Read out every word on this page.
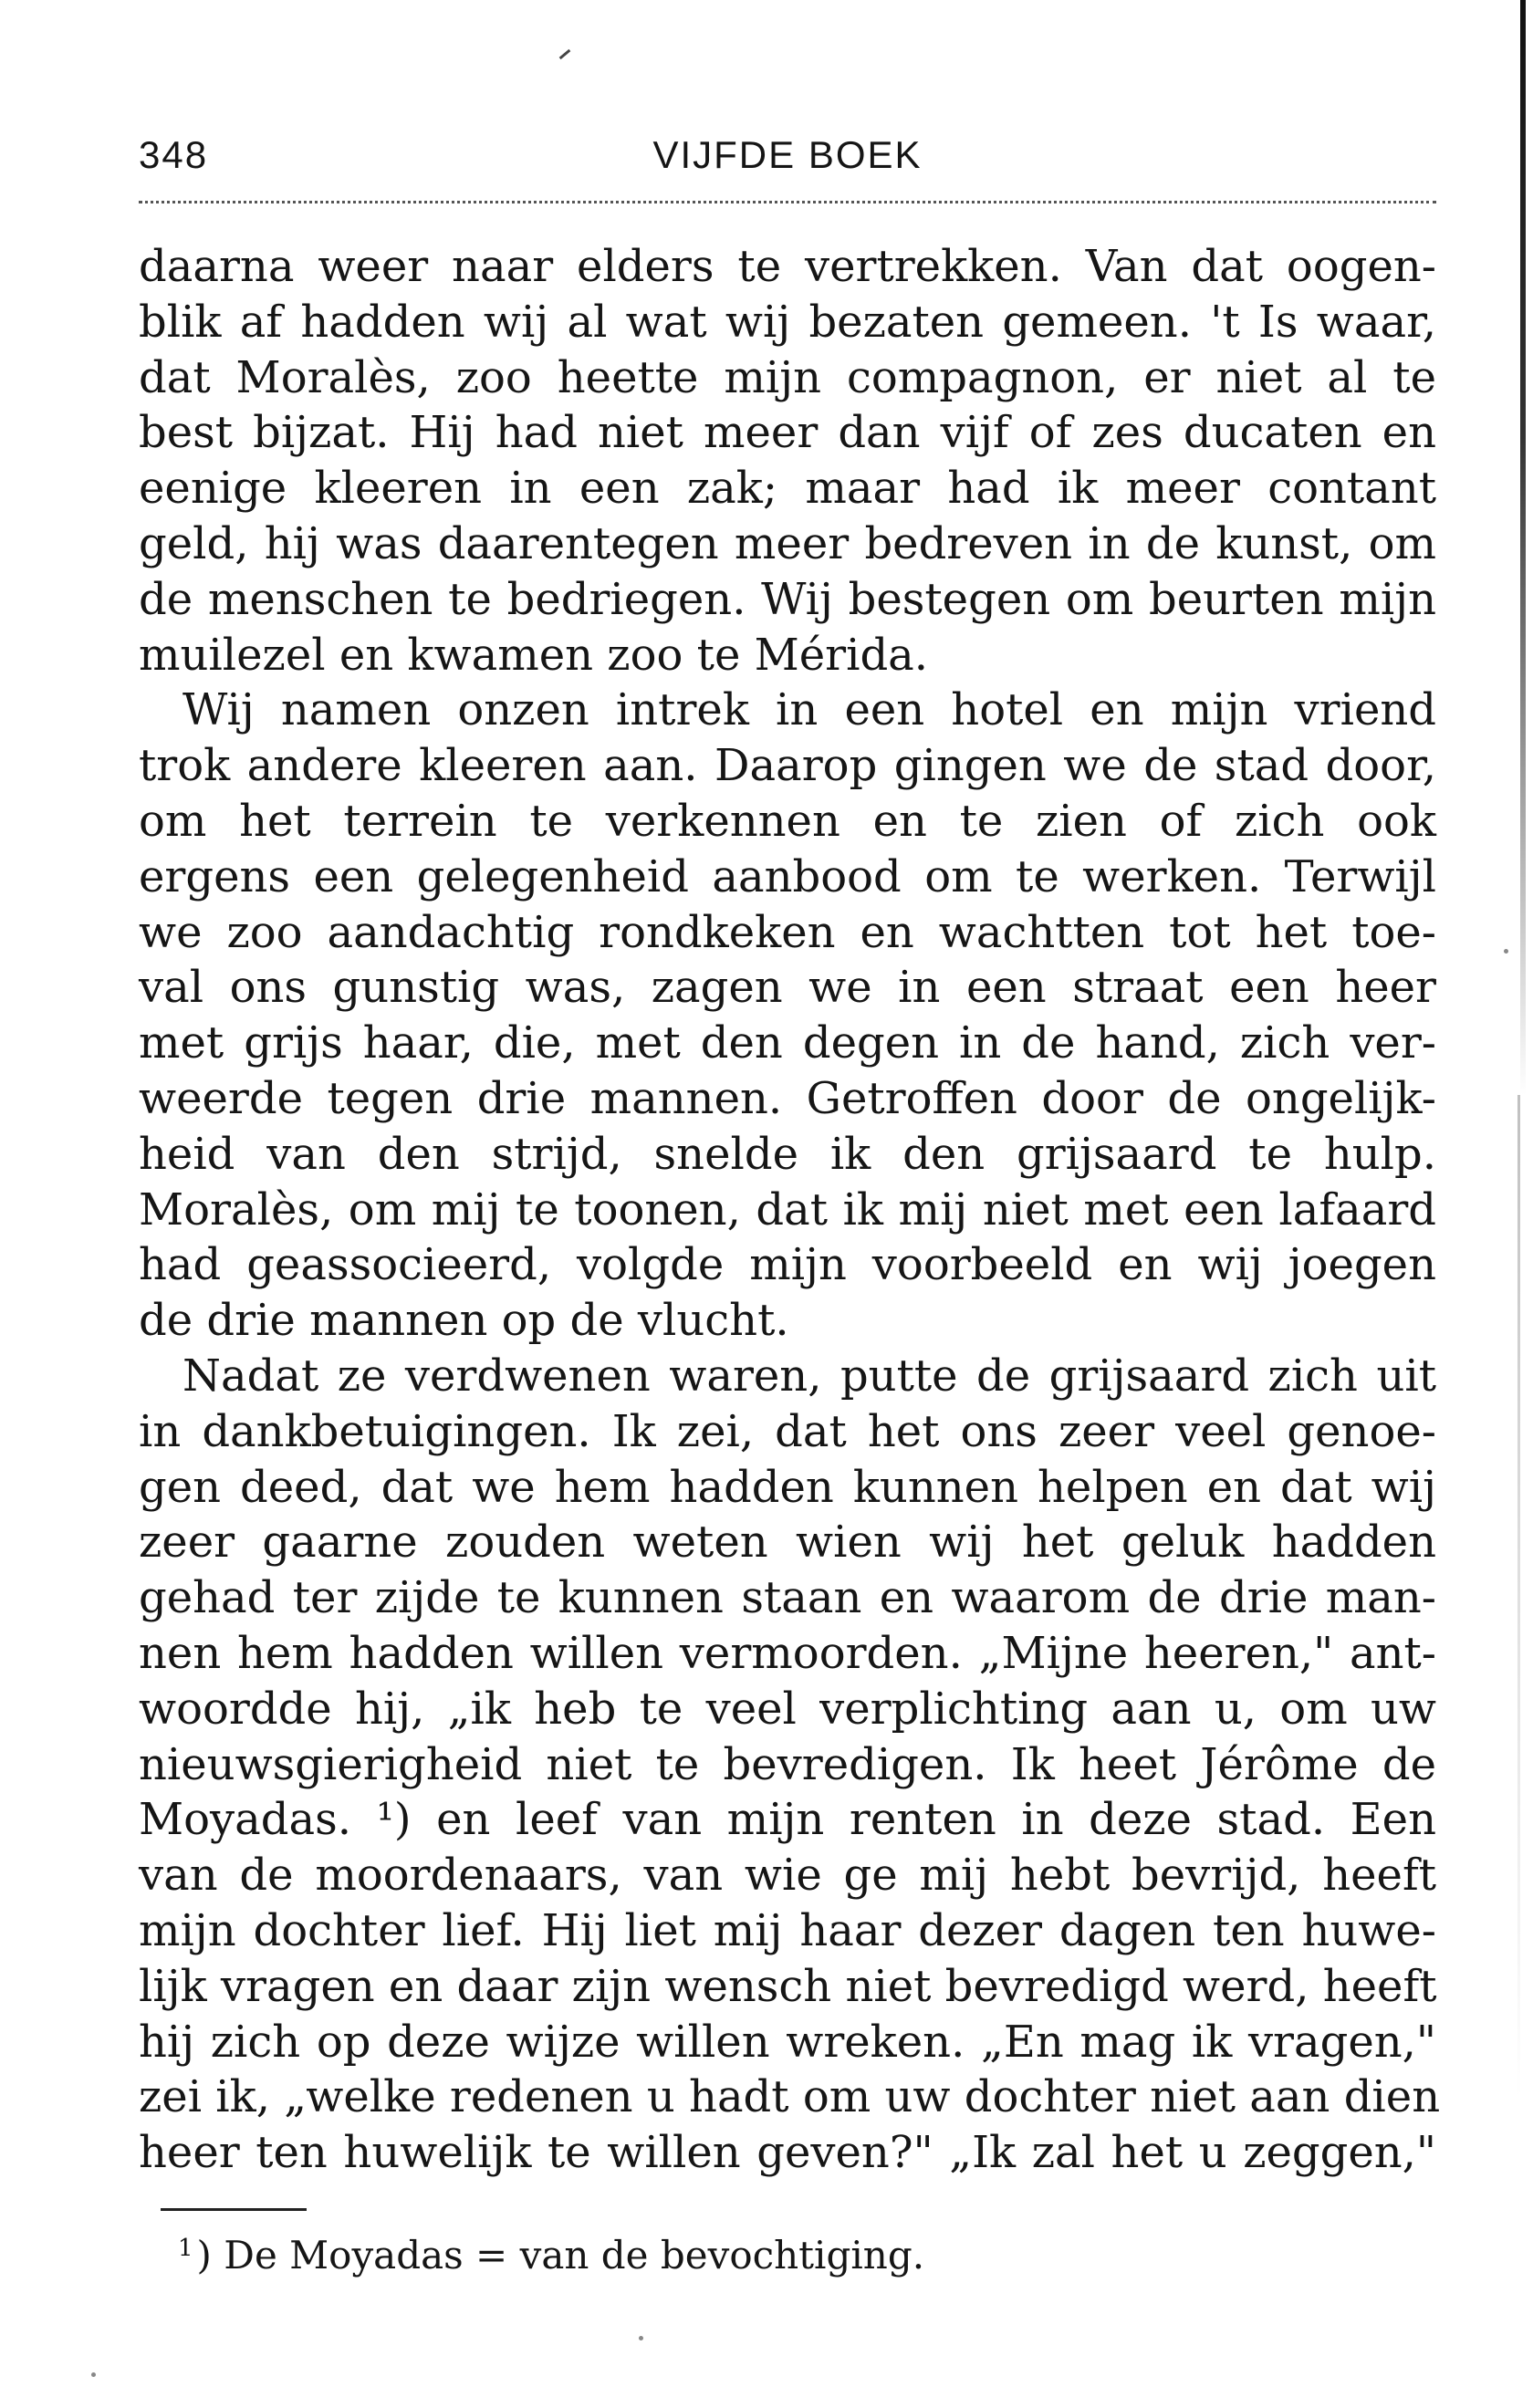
348	VIJFDE BOEK
daarna weer naar elders te vertrekken. Van dat oogen-
blik af hadden wij al wat wij bezaten gemeen. 't Is waar,
dat Moralès, zoo heette mijn compagnon, er niet al te
best bijzat. Hij had niet meer dan vijf of zes ducaten en
eenige kleeren in een zak; maar had ik meer contant
geld, hij was daarentegen meer bedreven in de kunst, om
de menschen te bedriegen. Wij bestegen om beurten mijn
muilezel en kwamen zoo te Mérida.
Wij namen onzen intrek in een hotel en mijn vriend
trok andere kleeren aan. Daarop gingen we de stad door,
om het terrein te verkennen en te zien of zich ook
ergens een gelegenheid aanbood om te werken. Terwijl
we zoo aandachtig rondkeken en wachtten tot het toe-
val ons gunstig was, zagen we in een straat een heer
met grijs haar, die, met den degen in de hand, zich ver-
weerde tegen drie mannen. Getroffen door de ongelijk-
heid van den strijd, snelde ik den grijsaard te hulp.
Moralès, om mij te toonen, dat ik mij niet met een lafaard
had geassocieerd, volgde mijn voorbeeld en wij joegen
de drie mannen op de vlucht.
Nadat ze verdwenen waren, putte de grijsaard zich uit
in dankbetuigingen. Ik zei, dat het ons zeer veel genoe-
gen deed, dat we hem hadden kunnen helpen en dat wij
zeer gaarne zouden weten wien wij het geluk hadden
gehad ter zijde te kunnen staan en waarom de drie man-
nen hem hadden willen vermoorden. „Mijne heeren," ant-
woordde hij, „ik heb te veel verplichting aan u, om uw
nieuwsgierigheid niet te bevredigen. Ik heet Jérôme de
Moyadas. ¹) en leef van mijn renten in deze stad. Een
van de moordenaars, van wie ge mij hebt bevrijd, heeft
mijn dochter lief. Hij liet mij haar dezer dagen ten huwe-
lijk vragen en daar zijn wensch niet bevredigd werd, heeft
hij zich op deze wijze willen wreken. „En mag ik vragen,"
zei ik, „welke redenen u hadt om uw dochter niet aan dien
heer ten huwelijk te willen geven?" „Ik zal het u zeggen,"
$^1$) De Moyadas = van de bevochtiging.
